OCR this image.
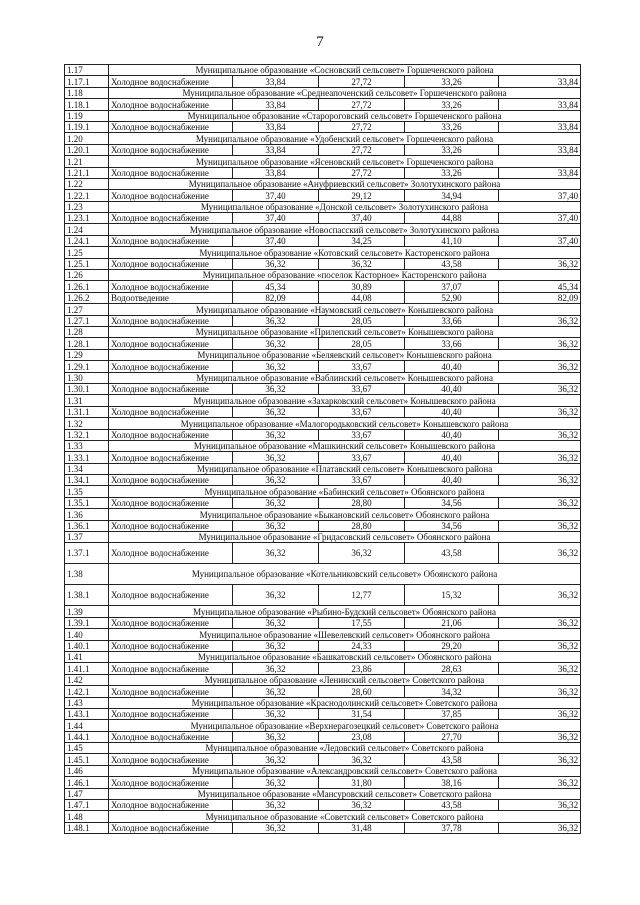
7
1.17	Муниципальное образование «Сосновский сельсовет» Горшеченского района				
1.17.1	Холодное водоснабжение	33,84	27,72	33,26	33,84
1.18	Муниципальное образование «Среднеапоченский сельсовет» Горшеченского района				
1.18.1	Холодное водоснабжение	33,84	27,72	33,26	33,84
1.19	Муниципальное образование «Старороговский сельсовет» Горшеченского района				
1.19.1	Холодное водоснабжение	33,84	27,72	33,26	33,84
1.20	Муниципальное образование «Удобенский сельсовет» Горшеченского района				
1.20.1	Холодное водоснабжение	33,84	27,72	33,26	33,84
1.21	Муниципальное образование «Ясеновский сельсовет» Горшеченского района				
1.21.1	Холодное водоснабжение	33,84	27,72	33,26	33,84
1.22	Муниципальное образование «Ануфриевский сельсовет» Золотухинского района				
1.22.1	Холодное водоснабжение	37,40	29,12	34,94	37,40
1.23	Муниципальное образование «Донской сельсовет» Золотухинского района				
1.23.1	Холодное водоснабжение	37,40	37,40	44,88	37,40
1.24	Муниципальное образование «Новоспасский сельсовет» Золотухинского района				
1.24.1	Холодное водоснабжение	37,40	34,25	41,10	37,40
1.25	Муниципальное образование «Котовский сельсовет» Касторенского района				
1.25.1	Холодное водоснабжение	36,32	36,32	43,58	36,32
1.26	Муниципальное образование «поселок Касторное» Касторенского района				
1.26.1	Холодное водоснабжение	45,34	30,89	37,07	45,34
1.26.2	Водоотведение	82,09	44,08	52,90	82,09
1.27	Муниципальное образование «Наумовский сельсовет» Конышевского района				
1.27.1	Холодное водоснабжение	36,32	28,05	33,66	36,32
1.28	Муниципальное образование «Прилепский сельсовет» Конышевского района				
1.28.1	Холодное водоснабжение	36,32	28,05	33,66	36,32
1.29	Муниципальное образование «Беляевский сельсовет» Конышевского района				
1.29.1	Холодное водоснабжение	36,32	33,67	40,40	36,32
1.30	Муниципальное образование «Ваблинский сельсовет» Конышевского района				
1.30.1	Холодное водоснабжение	36,32	33,67	40,40	36,32
1.31	Муниципальное образование «Захарковский сельсовет» Конышевского района				
1.31.1	Холодное водоснабжение	36,32	33,67	40,40	36,32
1.32	Муниципальное образование «Малогородьковский сельсовет» Конышевского района				
1.32.1	Холодное водоснабжение	36,32	33,67	40,40	36,32
1.33	Муниципальное образование «Машкинский сельсовет» Конышевского района				
1.33.1	Холодное водоснабжение	36,32	33,67	40,40	36,32
1.34	Муниципальное образование «Платавский сельсовет» Конышевского района				
1.34.1	Холодное водоснабжение	36,32	33,67	40,40	36,32
1.35	Муниципальное образование «Бабинский сельсовет» Обоянского района				
1.35.1	Холодное водоснабжение	36,32	28,80	34,56	36,32
1.36	Муниципальное образование «Быкановский сельсовет» Обоянского района				
1.36.1	Холодное водоснабжение	36,32	28,80	34,56	36,32
1.37	Муниципальное образование «Гридасовский сельсовет» Обоянского района				
1.37.1	Холодное водоснабжение	36,32	36,32	43,58	36,32
1.38	Муниципальное образование «Котельниковский сельсовет» Обоянского района				
1.38.1	Холодное водоснабжение	36,32	12,77	15,32	36,32
1.39	Муниципальное образование «Рыбино-Будский сельсовет» Обоянского района				
1.39.1	Холодное водоснабжение	36,32	17,55	21,06	36,32
1.40	Муниципальное образование «Шевелевский сельсовет» Обоянского района				
1.40.1	Холодное водоснабжение	36,32	24,33	29,20	36,32
1.41	Муниципальное образование «Башкатовский сельсовет» Обоянского района				
1.41.1	Холодное водоснабжение	36,32	23,86	28,63	36,32
1.42	Муниципальное образование «Ленинский сельсовет» Советского района				
1.42.1	Холодное водоснабжение	36,32	28,60	34,32	36,32
1.43	Муниципальное образование «Краснодолинский сельсовет» Советского района				
1.43.1	Холодное водоснабжение	36,32	31,54	37,85	36,32
1.44	Муниципальное образование «Верхнерагозецкий сельсовет» Советского района				
1.44.1	Холодное водоснабжение	36,32	23,08	27,70	36,32
1.45	Муниципальное образование «Ледовский сельсовет» Советского района				
1.45.1	Холодное водоснабжение	36,32	36,32	43,58	36,32
1.46	Муниципальное образование «Александровский сельсовет» Советского района				
1.46.1	Холодное водоснабжение	36,32	31,80	38,16	36,32
1.47	Муниципальное образование «Мансуровский сельсовет» Советского района				
1.47.1	Холодное водоснабжение	36,32	36,32	43,58	36,32
1.48	Муниципальное образование «Советский сельсовет» Советского района				
1.48.1	Холодное водоснабжение	36,32	31,48	37,78	36,32
